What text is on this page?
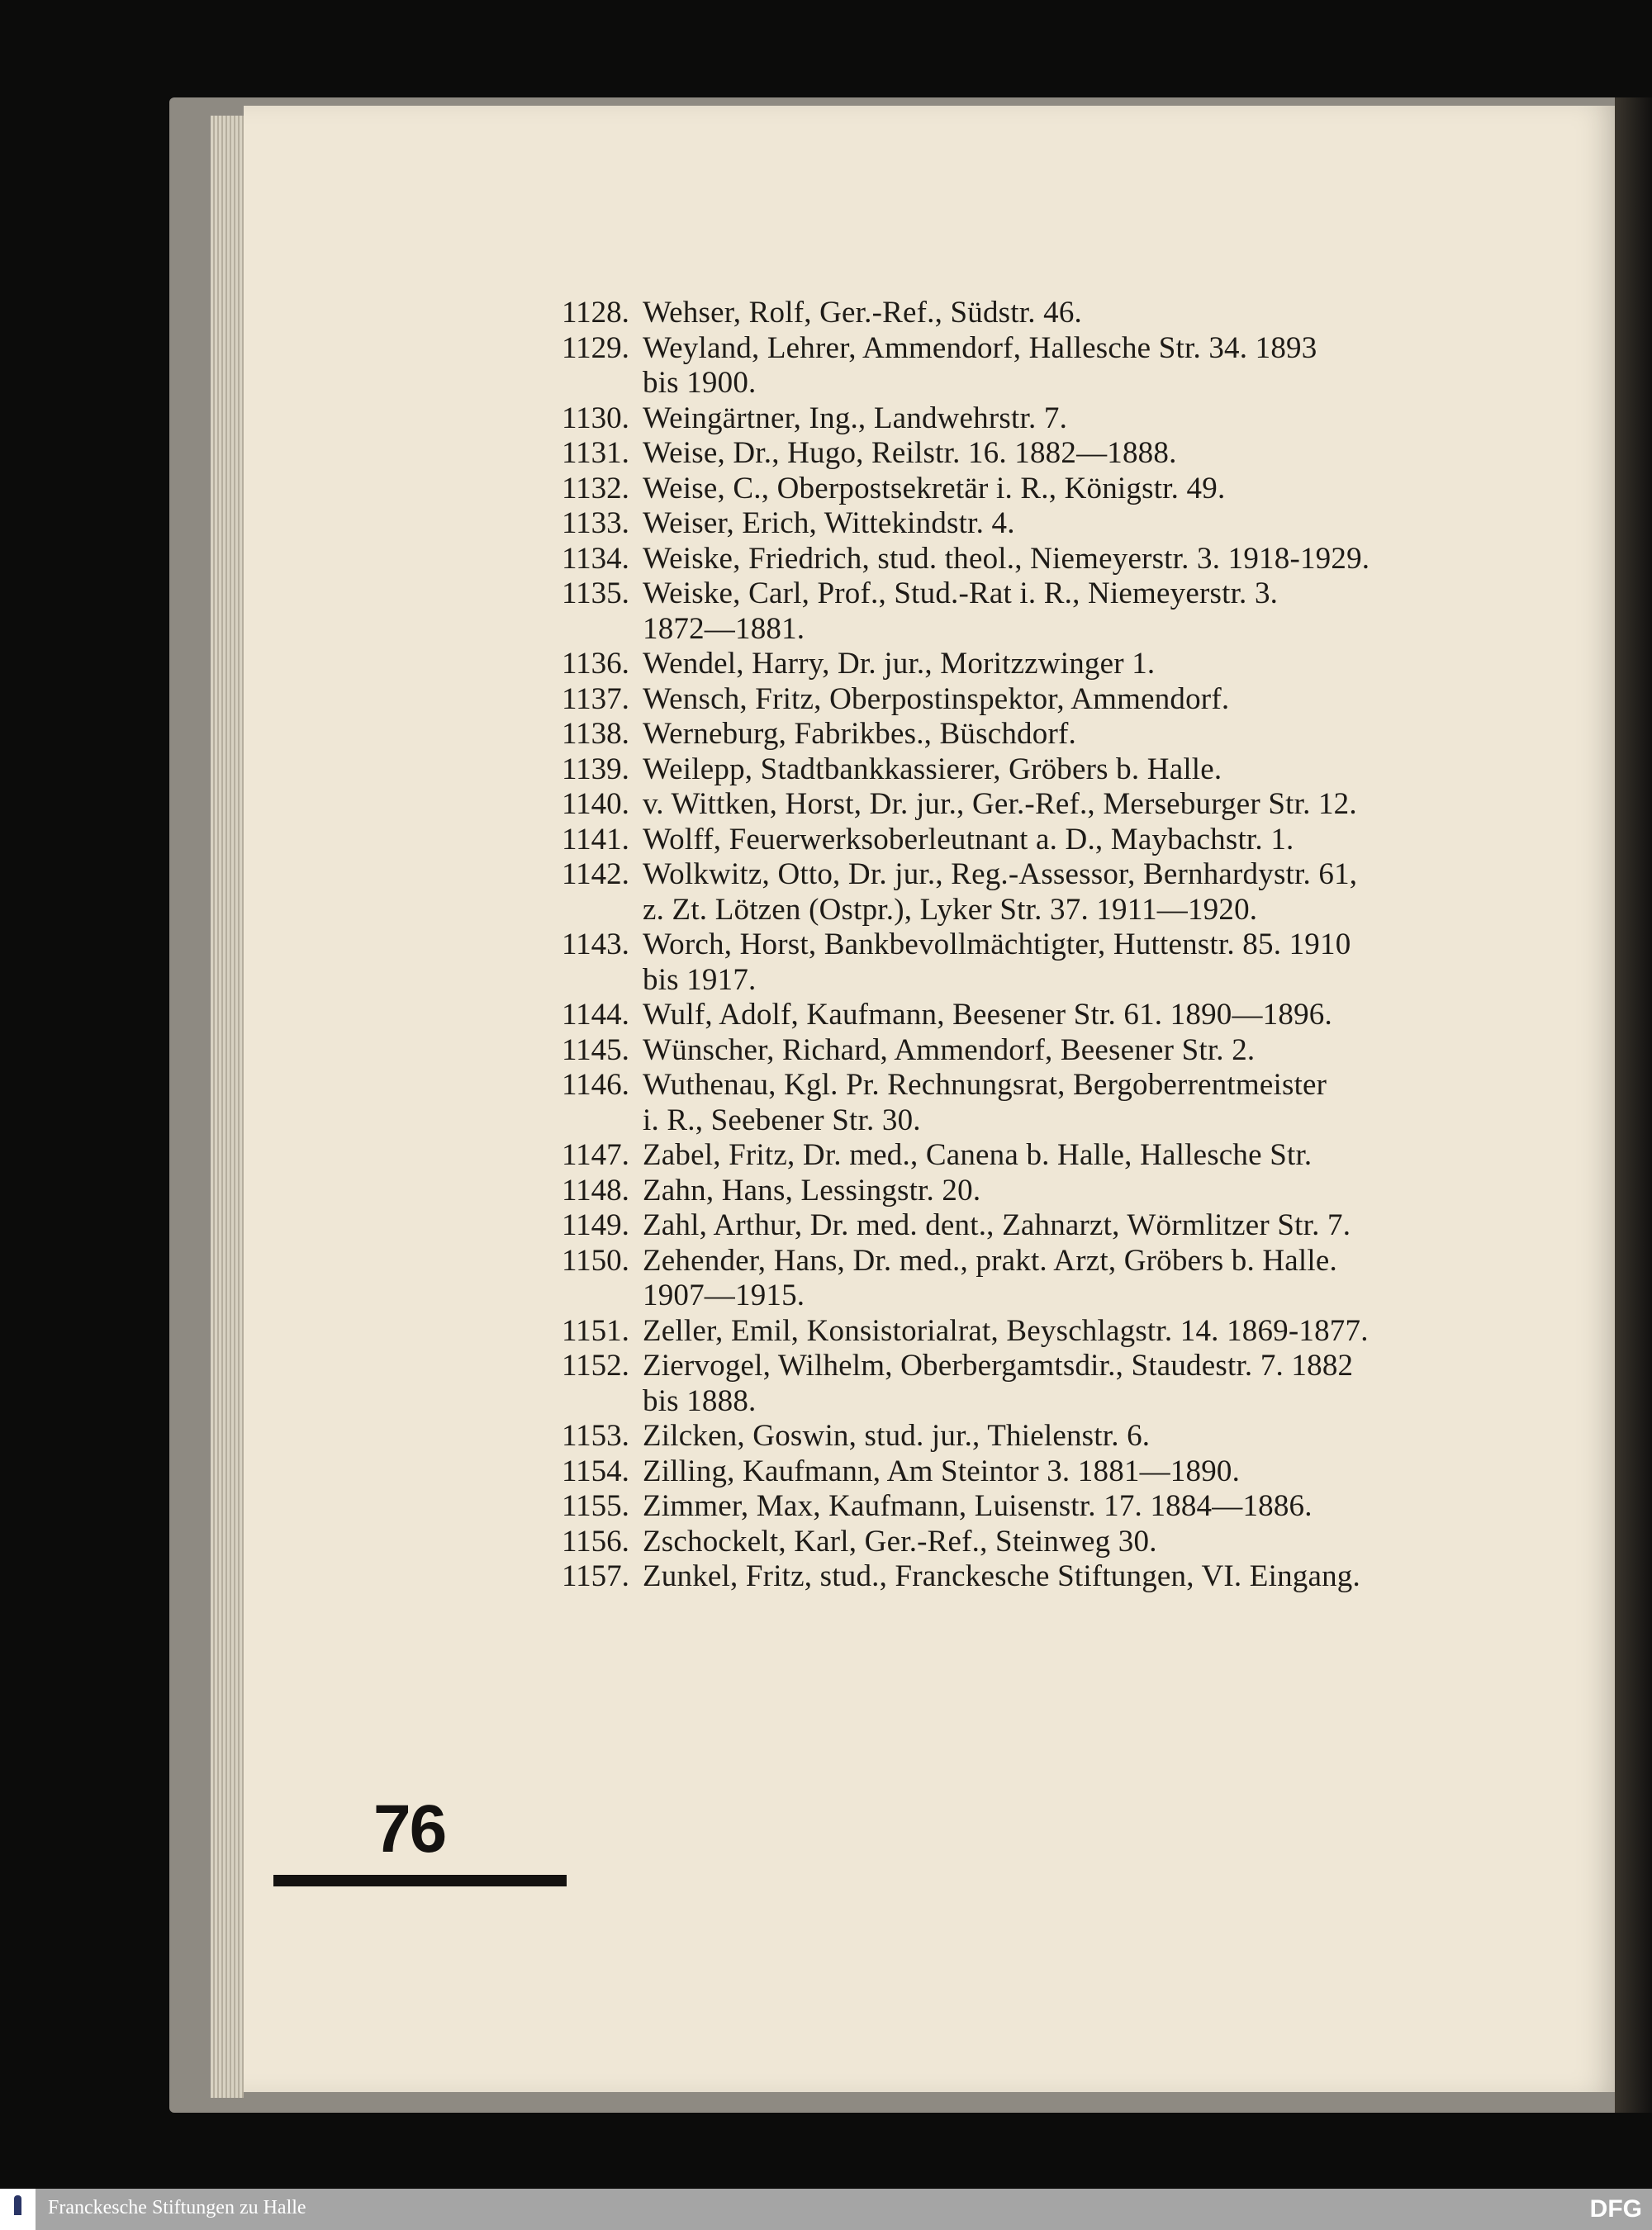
1128. Wehser, Rolf, Ger.-Ref., Südstr. 46.
1129. Weyland, Lehrer, Ammendorf, Hallesche Str. 34. 1893
bis 1900.
1130. Weingärtner, Ing., Landwehrstr. 7.
1131. Weise, Dr., Hugo, Reilstr. 16. 1882—1888.
1132. Weise, C., Oberpostsekretär i. R., Königstr. 49.
1133. Weiser, Erich, Wittekindstr. 4.
1134. Weiske, Friedrich, stud. theol., Niemeyerstr. 3. 1918-1929.
1135. Weiske, Carl, Prof., Stud.-Rat i. R., Niemeyerstr. 3.
1872—1881.
1136. Wendel, Harry, Dr. jur., Moritzzwinger 1.
1137. Wensch, Fritz, Oberpostinspektor, Ammendorf.
1138. Werneburg, Fabrikbes., Büschdorf.
1139. Weilepp, Stadtbankkassierer, Gröbers b. Halle.
1140. v. Wittken, Horst, Dr. jur., Ger.-Ref., Merseburger Str. 12.
1141. Wolff, Feuerwerksoberleutnant a. D., Maybachstr. 1.
1142. Wolkwitz, Otto, Dr. jur., Reg.-Assessor, Bernhardystr. 61,
z. Zt. Lötzen (Ostpr.), Lyker Str. 37. 1911—1920.
1143. Worch, Horst, Bankbevollmächtigter, Huttenstr. 85. 1910
bis 1917.
1144. Wulf, Adolf, Kaufmann, Beesener Str. 61. 1890—1896.
1145. Wünscher, Richard, Ammendorf, Beesener Str. 2.
1146. Wuthenau, Kgl. Pr. Rechnungsrat, Bergoberrentmeister
i. R., Seebener Str. 30.
1147. Zabel, Fritz, Dr. med., Canena b. Halle, Hallesche Str.
1148. Zahn, Hans, Lessingstr. 20.
1149. Zahl, Arthur, Dr. med. dent., Zahnarzt, Wörmlitzer Str. 7.
1150. Zehender, Hans, Dr. med., prakt. Arzt, Gröbers b. Halle.
1907—1915.
1151. Zeller, Emil, Konsistorialrat, Beyschlagstr. 14. 1869-1877.
1152. Ziervogel, Wilhelm, Oberbergamtsdir., Staudestr. 7. 1882
bis 1888.
1153. Zilcken, Goswin, stud. jur., Thielenstr. 6.
1154. Zilling, Kaufmann, Am Steintor 3. 1881—1890.
1155. Zimmer, Max, Kaufmann, Luisenstr. 17. 1884—1886.
1156. Zschockelt, Karl, Ger.-Ref., Steinweg 30.
1157. Zunkel, Fritz, stud., Franckesche Stiftungen, VI. Eingang.
76
Franckesche Stiftungen zu Halle	DFG
